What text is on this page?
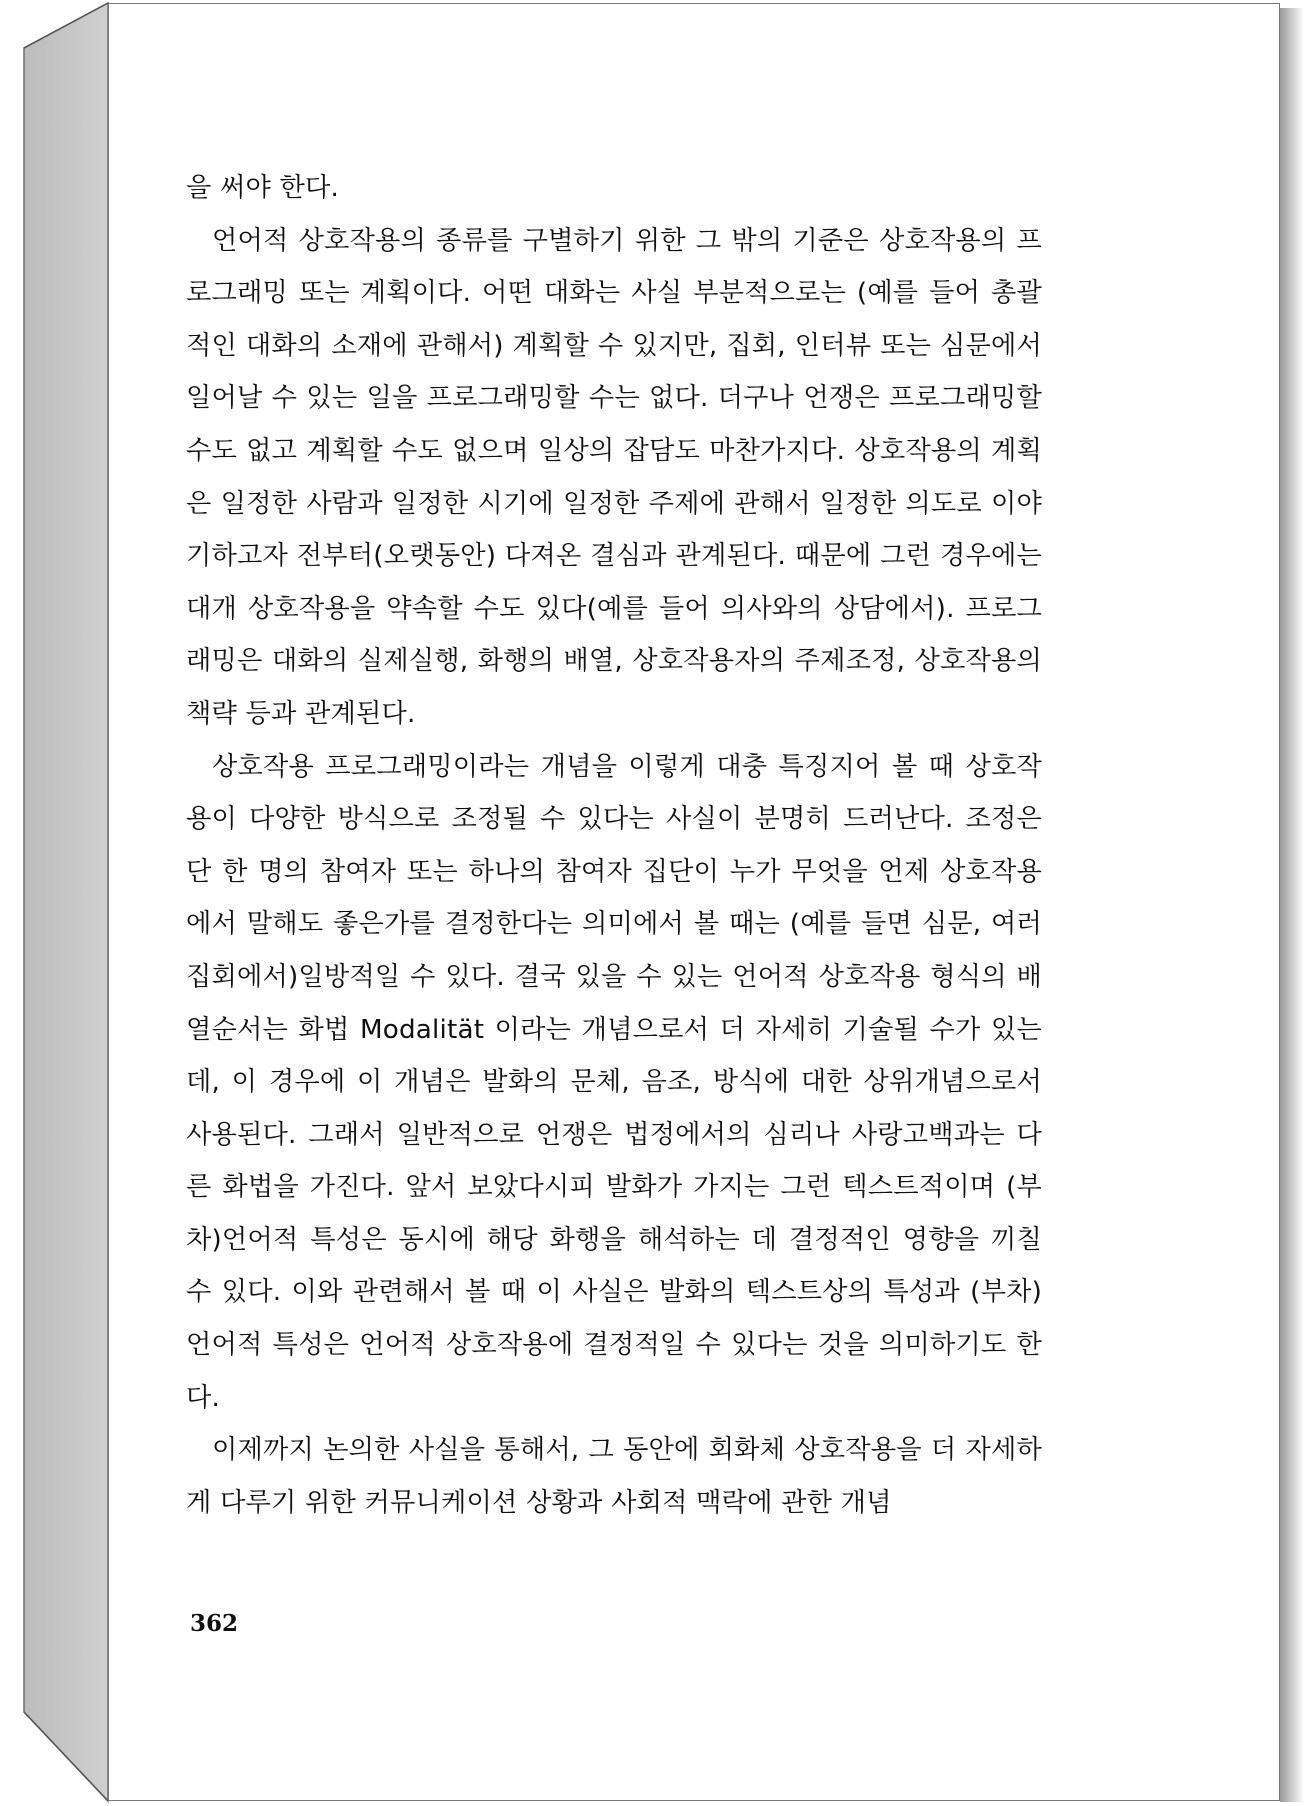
을 써야 한다.

언어적 상호작용의 종류를 구별하기 위한 그 밖의 기준은 상호작용의 프로그래밍 또는 계획이다. 어떤 대화는 사실 부분적으로는 (예를 들어 총괄적인 대화의 소재에 관해서) 계획할 수 있지만, 집회, 인터뷰 또는 심문에서 일어날 수 있는 일을 프로그래밍할 수는 없다. 더구나 언쟁은 프로그래밍할 수도 없고 계획할 수도 없으며 일상의 잡담도 마찬가지다. 상호작용의 계획은 일정한 사람과 일정한 시기에 일정한 주제에 관해서 일정한 의도로 이야기하고자 전부터(오랫동안) 다져온 결심과 관계된다. 때문에 그런 경우에는 대개 상호작용을 약속할 수도 있다(예를 들어 의사와의 상담에서). 프로그래밍은 대화의 실제실행, 화행의 배열, 상호작용자의 주제조정, 상호작용의 책략 등과 관계된다.

상호작용 프로그래밍이라는 개념을 이렇게 대충 특징지어 볼 때 상호작용이 다양한 방식으로 조정될 수 있다는 사실이 분명히 드러난다. 조정은 단 한 명의 참여자 또는 하나의 참여자 집단이 누가 무엇을 언제 상호작용에서 말해도 좋은가를 결정한다는 의미에서 볼 때는 (예를 들면 심문, 여러 집회에서)일방적일 수 있다. 결국 있을 수 있는 언어적 상호작용 형식의 배열순서는 화법 Modalität 이라는 개념으로서 더 자세히 기술될 수가 있는데, 이 경우에 이 개념은 발화의 문체, 음조, 방식에 대한 상위개념으로서 사용된다. 그래서 일반적으로 언쟁은 법정에서의 심리나 사랑고백과는 다른 화법을 가진다. 앞서 보았다시피 발화가 가지는 그런 텍스트적이며 (부차)언어적 특성은 동시에 해당 화행을 해석하는 데 결정적인 영향을 끼칠 수 있다. 이와 관련해서 볼 때 이 사실은 발화의 텍스트상의 특성과 (부차)언어적 특성은 언어적 상호작용에 결정적일 수 있다는 것을 의미하기도 한다.

이제까지 논의한 사실을 통해서, 그 동안에 회화체 상호작용을 더 자세하게 다루기 위한 커뮤니케이션 상황과 사회적 맥락에 관한 개념

362
